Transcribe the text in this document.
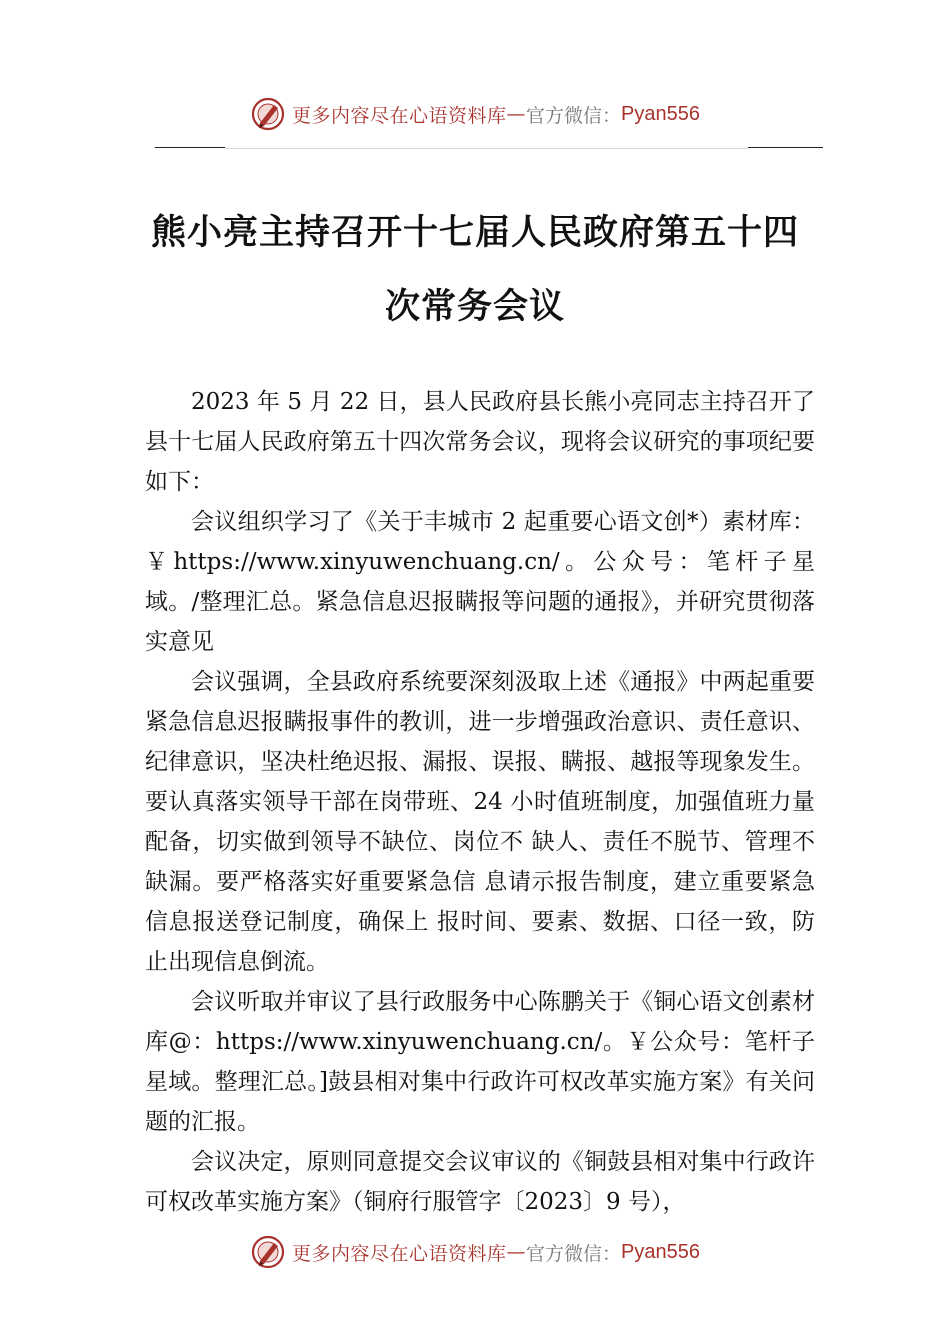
更多内容尽在心语资料库 — 官方微信： Pyan556
熊小亮主持召开十七届人民政府第五十四
次常务会议

2023 年 5 月 22 日，县人民政府县长熊小亮同志主持召开了县十七届人民政府第五十四次常务会议，现将会议研究的事项纪要如下：

会议组织学习了《关于丰城市 2 起重要心语文创*）素材库：￥https://www.xinyuwenchuang.cn/。公众号：笔杆子星域。/整理汇总。紧急信息迟报瞒报等问题的通报》，并研究贯彻落实意见

会议强调，全县政府系统要深刻汲取上述《通报》中两起重要紧急信息迟报瞒报事件的教训，进一步增强政治意识、责任意识、纪律意识，坚决杜绝迟报、漏报、误报、瞒报、越报等现象发生。要认真落实领导干部在岗带班、24 小时值班制度，加强值班力量配备，切实做到领导不缺位、岗位不 缺人、责任不脱节、管理不缺漏。要严格落实好重要紧急信 息请示报告制度，建立重要紧急信息报送登记制度，确保上 报时间、要素、数据、口径一致，防止出现信息倒流。

会议听取并审议了县行政服务中心陈鹏关于《铜心语文创素材库@：https://www.xinyuwenchuang.cn/。￥公众号：笔杆子星域。整理汇总。]鼓县相对集中行政许可权改革实施方案》有关问题的汇报。

会议决定，原则同意提交会议审议的《铜鼓县相对集中行政许可权改革实施方案》（铜府行服管字〔2023〕9 号），

更多内容尽在心语资料库 — 官方微信： Pyan556
